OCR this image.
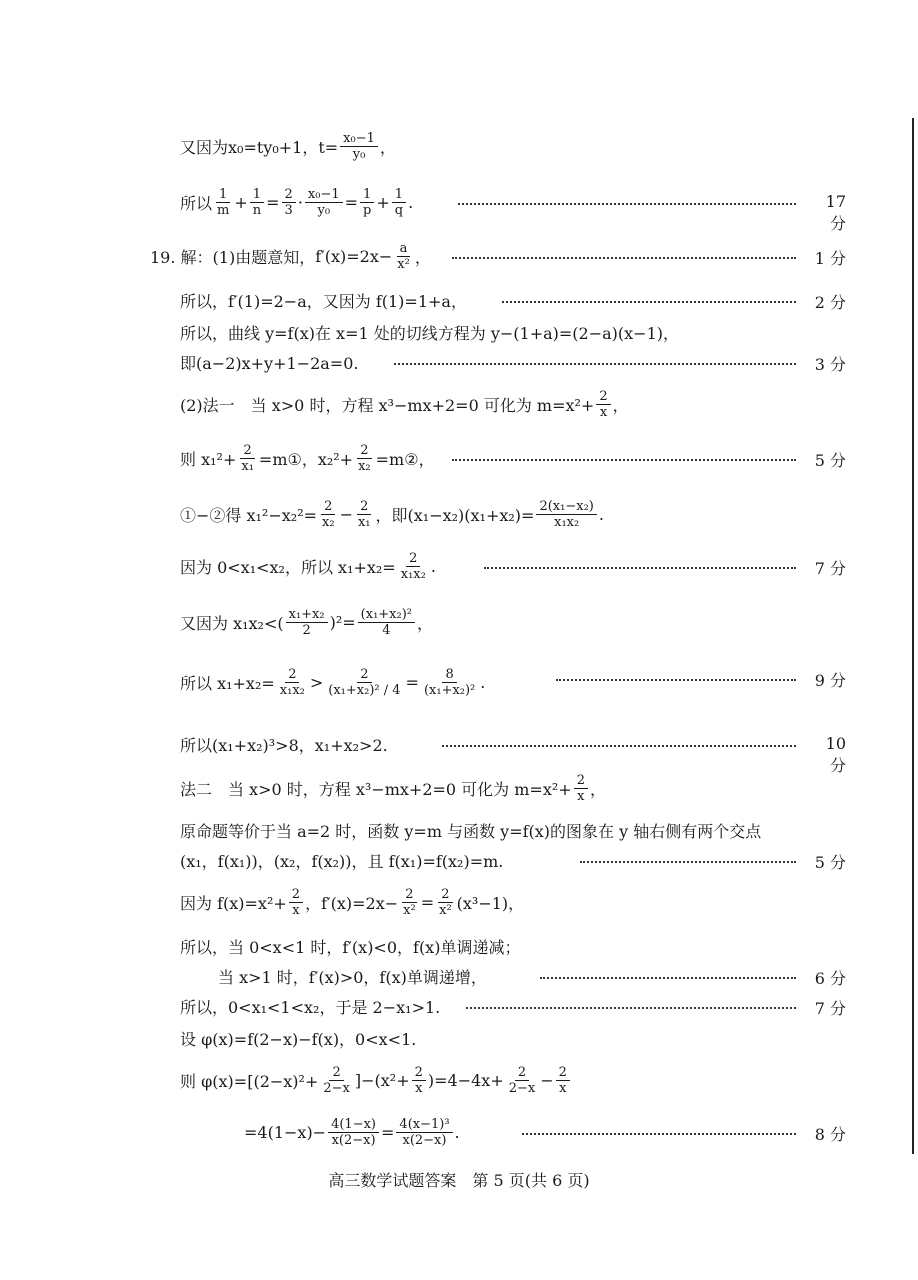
又因为 x₀=ty₀+1，$t= \frac{\text{x₀−1}}{\text{y₀}}$ ，
所以 $\frac{1}{m} + \frac{1}{n} = \frac{2}{3} \cdot \frac{\text{x₀−1}}{\text{y₀}} = \frac{1}{p} + \frac{1}{q}$ .	17 分
19. 解：(1)由题意知， $f'(x)=2x- \frac{a}{\text{x²}}$ ，	1 分
所以，f′(1)=2−a，又因为 f(1)=1+a，	2 分
所以，曲线 y=f(x)在 x=1 处的切线方程为 y−(1+a)=(2−a)(x−1)，
即(a−2)x+y+1−2a=0.	3 分
(2)法一　当 x>0 时，方程 x³−mx+2=0 可化为 $m=x^2+ \frac{2}{x}$ ，
则 $x_1^2+ \frac{2}{\text{x₁}}$ =m①，$x_2^2+ \frac{2}{\text{x₂}}$ =m②，	5 分
①−②得 $x_1^2-x_2^2= \frac{2}{\text{x₂}} - \frac{2}{\text{x₁}}$ ，即$(x_1-x_2)(x_1+x_2)= \frac{\text{2(x₁−x₂)}}{\text{x₁x₂}}$ .
因为 0<x₁<x₂，所以 $x_1+x_2= \frac{2}{\text{x₁x₂}}$ .	7 分
又因为 $x_1x_2<( \frac{\text{x₁+x₂}}{2} )^2= \frac{\text{(x₁+x₂)²}}{4}$ ，
所以 $x_1+x_2= \frac{2}{\text{x₁x₂}} > \frac{2}{\text{(x₁+x₂)² / 4}} = \frac{8}{\text{(x₁+x₂)²}}$ .	9 分
所以(x₁+x₂)³>8，x₁+x₂>2.	10 分
法二　当 x>0 时，方程 x³−mx+2=0 可化为 $m=x^2+ \frac{2}{x}$ ，
原命题等价于当 a=2 时，函数 y=m 与函数 y=f(x)的图象在 y 轴右侧有两个交点
(x₁，f(x₁))，(x₂，f(x₂))，且 f(x₁)=f(x₂)=m.	5 分
因为 $f(x)=x^2+ \frac{2}{x}$ ，$f'(x)=2x- \frac{2}{\text{x²}} = \frac{2}{\text{x²}} (x^3-1)$，
所以，当 0<x<1 时，f′(x)<0，f(x)单调递减；
当 x>1 时，f′(x)>0，f(x)单调递增，	6 分
所以，0<x₁<1<x₂，于是 2−x₁>1.	7 分
设 φ(x)=f(2−x)−f(x)，0<x<1.
则 $\varphi(x)=[(2-x)^2+ \frac{2}{2-x} ]-(x^2+ \frac{2}{x} )=4-4x+ \frac{2}{2-x} - \frac{2}{x}$
$=4(1-x)- \frac{4(1-x)}{x(2-x)} = \frac{\text{4(x−1)³}}{x(2-x)}$ .	8 分
高三数学试题答案　第 5 页(共 6 页)
